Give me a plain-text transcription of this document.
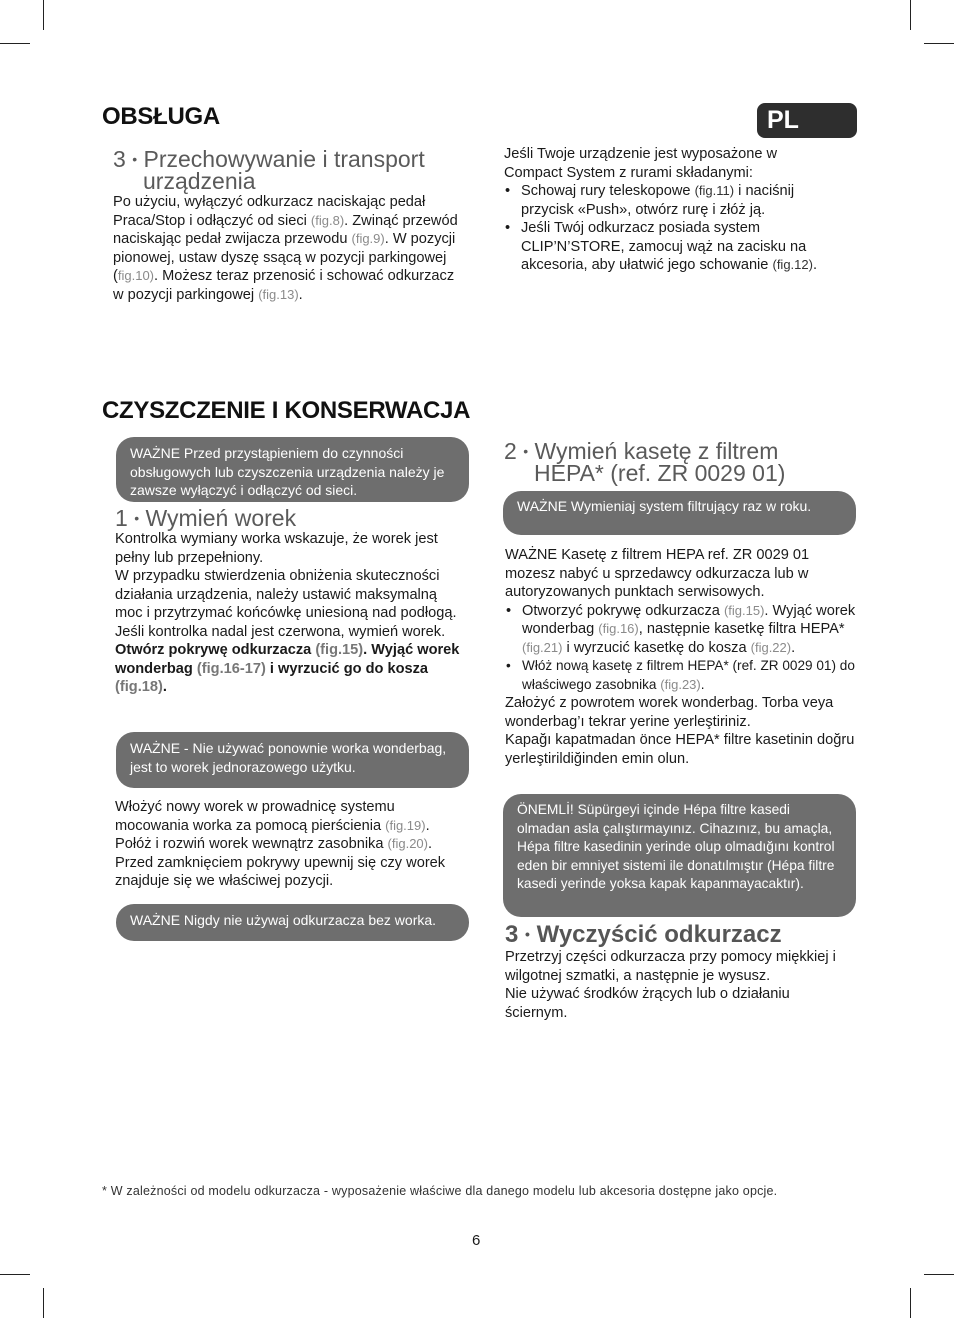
OBSŁUGA	PL
3 • Przechowywanie i transport urządzenia

Po użyciu, wyłączyć odkurzacz naciskając pedał Praca/Stop i odłączyć od sieci (fig.8). Zwinąć przewód naciskając pedał zwijacza przewodu (fig.9). W pozycji pionowej, ustaw dyszę ssącą w pozycji parkingowej (fig.10). Możesz teraz przenosić i schować odkurzacz w pozycji parkingowej (fig.13).

Jeśli Twoje urządzenie jest wyposażone w Compact System z rurami składanymi:

• Schowaj rury teleskopowe (fig.11) i naciśnij przycisk «Push», otwórz rurę i złóż ją.
• Jeśli Twój odkurzacz posiada system CLIP’N’STORE, zamocuj wąż na zacisku na akcesoria, aby ułatwić jego schowanie (fig.12).
CZYSZCZENIE I KONSERWACJA
WAŻNE Przed przystąpieniem do czynności obsługowych lub czyszczenia urządzenia należy je zawsze wyłączyć i odłączyć od sieci.
1 • Wymień worek

Kontrolka wymiany worka wskazuje, że worek jest pełny lub przepełniony.

W przypadku stwierdzenia obniżenia skuteczności działania urządzenia, należy ustawić maksymalną moc i przytrzymać końcówkę uniesioną nad podłogą. Jeśli kontrolka nadal jest czerwona, wymień worek.

Otwórz pokrywę odkurzacza (fig.15). Wyjąć worek wonderbag (fig.16-17) i wyrzucić go do kosza (fig.18).

WAŻNE - Nie używać ponownie worka wonderbag, jest to worek jednorazowego użytku.

Włożyć nowy worek w prowadnicę systemu mocowania worka za pomocą pierścienia (fig.19). Połóż i rozwiń worek wewnątrz zasobnika (fig.20). Przed zamknięciem pokrywy upewnij się czy worek znajduje się we właściwej pozycji.

WAŻNE Nigdy nie używaj odkurzacza bez worka.
2 • Wymień kasetę z filtrem HEPA* (ref. ZR 0029 01)
WAŻNE Wymieniaj system filtrujący raz w roku.

WAŻNE Kasetę z filtrem HEPA ref. ZR 0029 01 mozesz nabyć u sprzedawcy odkurzacza lub w autoryzowanych punktach serwisowych.

• Otworzyć pokrywę odkurzacza (fig.15). Wyjąć worek wonderbag (fig.16), następnie kasetkę filtra HEPA* (fig.21) i wyrzucić kasetkę do kosza (fig.22).
• Włóż nową kasetę z filtrem HEPA* (ref. ZR 0029 01) do właściwego zasobnika (fig.23).

Założyć z powrotem worek wonderbag. Torba veya wonderbag’ı tekrar yerine yerleştiriniz.

Kapağı kapatmadan önce HEPA* filtre kasetinin doğru yerleştirildiğinden emin olun.

ÖNEMLİ! Süpürgeyi içinde Hépa filtre kasedi olmadan asla çalıştırmayınız. Cihazınız, bu amaçla, Hépa filtre kasedinin yerinde olup olmadığını kontrol eden bir emniyet sistemi ile donatılmıştır (Hépa filtre kasedi yerinde yoksa kapak kapanmayacaktır).
3 • Wyczyścić odkurzacz

Przetrzyj części odkurzacza przy pomocy miękkiej i wilgotnej szmatki, a następnie je wysusz.

Nie używać środków żrących lub o działaniu ściernym.

* W zależności od modelu odkurzacza - wyposażenie właściwe dla danego modelu lub akcesoria dostępne jako opcje.
6
